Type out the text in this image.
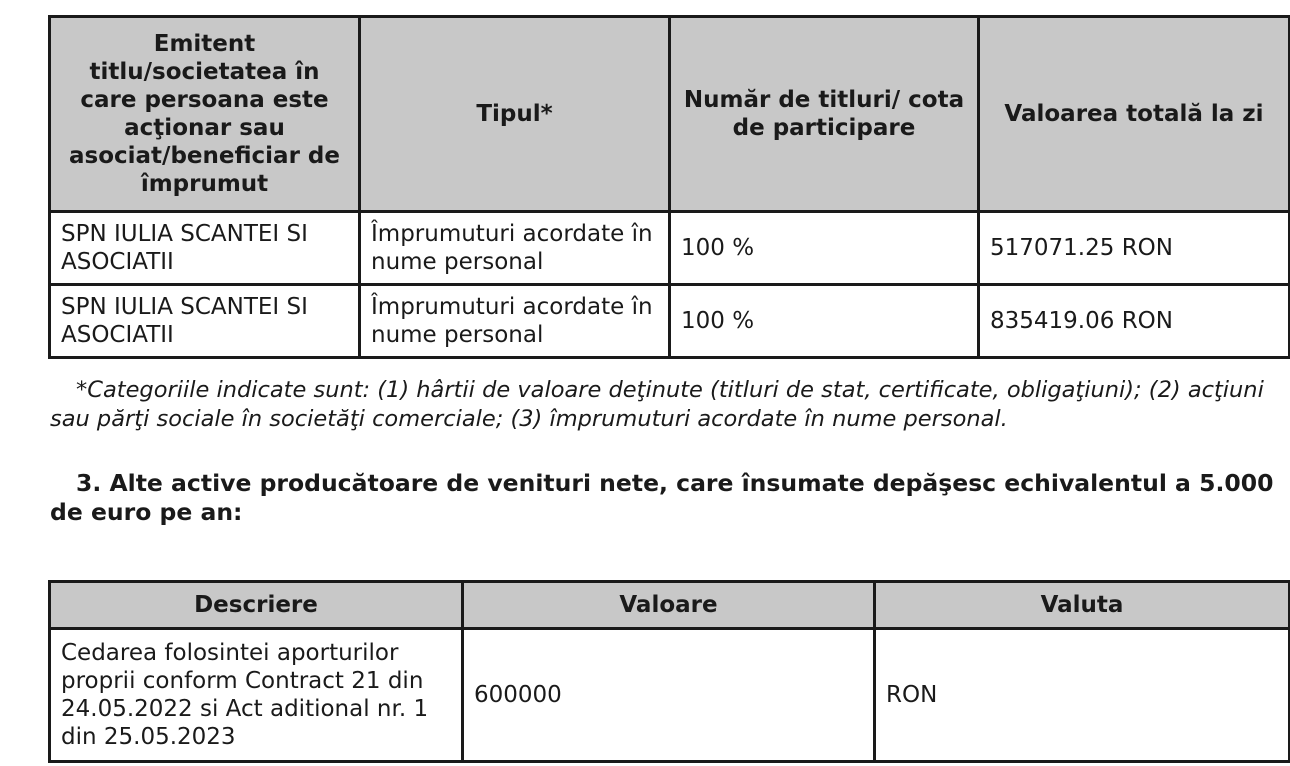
Emitent titlu/societatea în care persoana este acţionar sau asociat/beneficiar de împrumut	Tipul*	Număr de titluri/ cota de participare	Valoarea totală la zi
SPN IULIA SCANTEI SI ASOCIATII	Împrumuturi acordate în nume personal	100 %	517071.25 RON
SPN IULIA SCANTEI SI ASOCIATII	Împrumuturi acordate în nume personal	100 %	835419.06 RON

*Categoriile indicate sunt: (1) hârtii de valoare deţinute (titluri de stat, certificate, obligaţiuni); (2) acţiuni sau părţi sociale în societăţi comerciale; (3) împrumuturi acordate în nume personal.

3. Alte active producătoare de venituri nete, care însumate depăşesc echivalentul a 5.000 de euro pe an:

Descriere	Valoare	Valuta
Cedarea folosintei aporturilor proprii conform Contract 21 din 24.05.2022 si Act aditional nr. 1 din 25.05.2023	600000	RON
